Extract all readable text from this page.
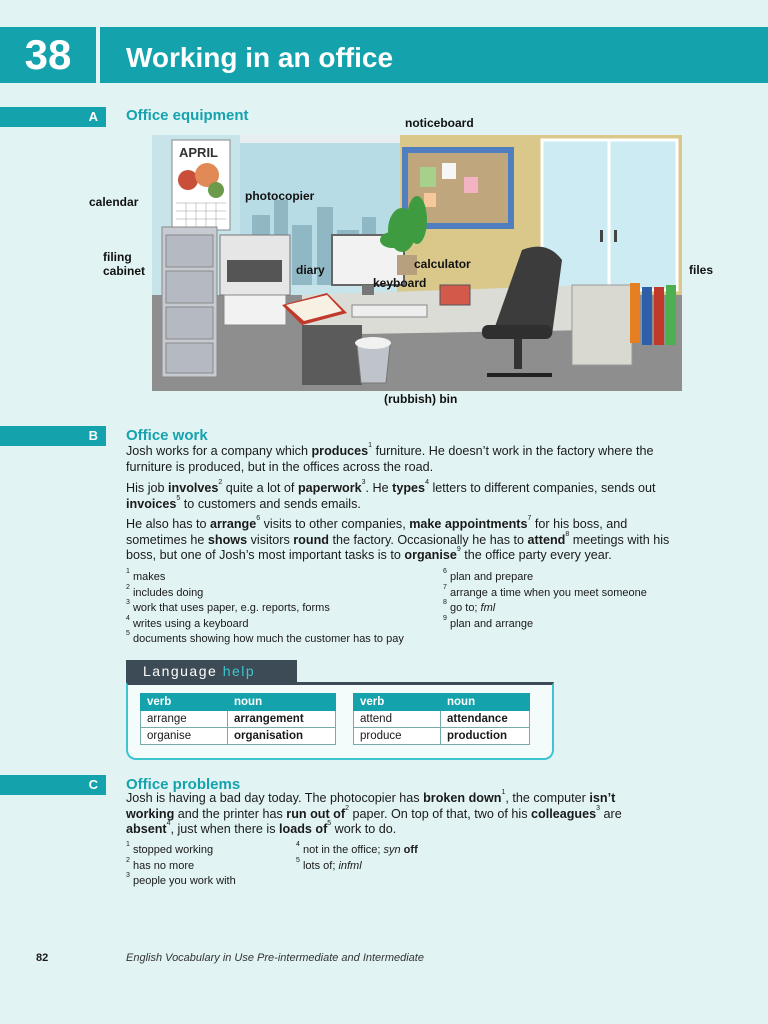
38	Working in an office
A	Office equipment
APRIL
noticeboard
calendar	photocopier
filing
cabinet	diary	calculator
keyboard
files
(rubbish) bin
B	Office work
Josh works for a company which produces$^1$ furniture. He doesn’t work in the factory where the furniture is produced, but in the offices across the road.
His job involves$^2$ quite a lot of paperwork$^3$. He types$^4$ letters to different companies, sends out invoices$^5$ to customers and sends emails.
He also has to arrange$^6$ visits to other companies, make appointments$^7$ for his boss, and sometimes he shows visitors round the factory. Occasionally he has to attend$^8$ meetings with his boss, but one of Josh’s most important tasks is to organise$^9$ the office party every year.
$^1$ makes
$^2$ includes doing
$^3$ work that uses paper, e.g. reports, forms
$^4$ writes using a keyboard
$^5$ documents showing how much the customer has to pay
$^6$ plan and prepare
$^7$ arrange a time when you meet someone
$^8$ go to; fml
$^9$ plan and arrange
Language help
verb	noun
arrange	arrangement
organise	organisation
verb	noun
attend	attendance
produce	production
C	Office problems
Josh is having a bad day today. The photocopier has broken down$^1$, the computer isn’t working and the printer has run out $of^2$ paper. On top of that, two of his colleagues$^3$ are absent$^4$, just when there is loads $of^5$ work to do.
$^1$ stopped working
$^2$ has no more
$^3$ people you work with
$^4$ not in the office; syn off
$^5$ lots of; infml
82	English Vocabulary in Use Pre-intermediate and Intermediate
